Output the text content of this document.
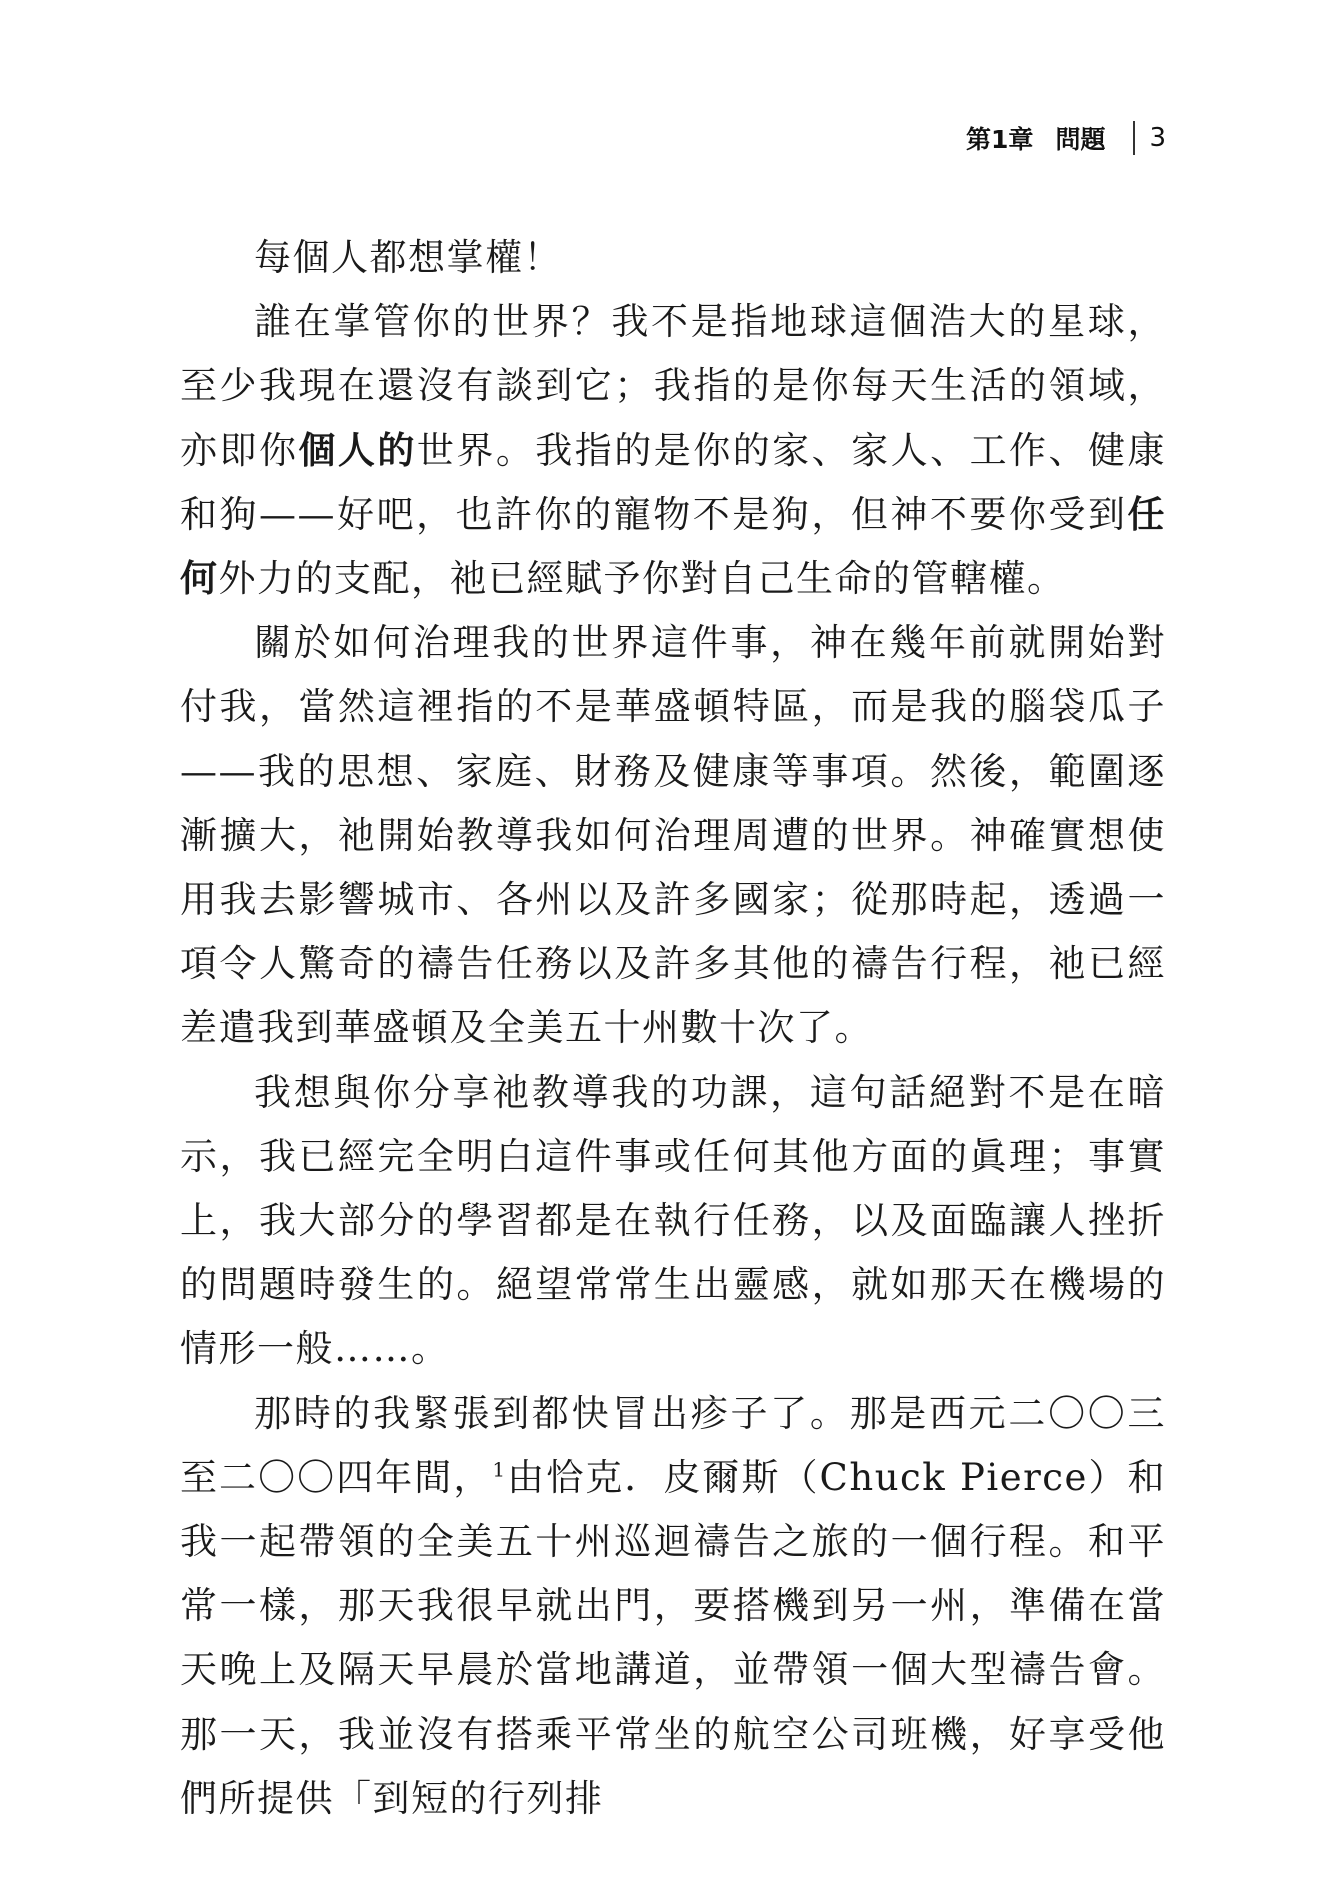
第1章 問題 3

每個人都想掌權！

誰在掌管你的世界？我不是指地球這個浩大的星球，至少我現在還沒有談到它；我指的是你每天生活的領域，亦即你個人的世界。我指的是你的家、家人、工作、健康和狗——好吧，也許你的寵物不是狗，但神不要你受到任何外力的支配，祂已經賦予你對自己生命的管轄權。

關於如何治理我的世界這件事，神在幾年前就開始對付我，當然這裡指的不是華盛頓特區，而是我的腦袋瓜子——我的思想、家庭、財務及健康等事項。然後，範圍逐漸擴大，祂開始教導我如何治理周遭的世界。神確實想使用我去影響城市、各州以及許多國家；從那時起，透過一項令人驚奇的禱告任務以及許多其他的禱告行程，祂已經差遣我到華盛頓及全美五十州數十次了。

我想與你分享祂教導我的功課，這句話絕對不是在暗示，我已經完全明白這件事或任何其他方面的眞理；事實上，我大部分的學習都是在執行任務，以及面臨讓人挫折的問題時發生的。絕望常常生出靈感，就如那天在機場的情形一般……。

那時的我緊張到都快冒出疹子了。那是西元二〇〇三至二〇〇四年間，$^1$由恰克．皮爾斯（Chuck Pierce）和我一起帶領的全美五十州巡迴禱告之旅的一個行程。和平常一樣，那天我很早就出門，要搭機到另一州，準備在當天晚上及隔天早晨於當地講道，並帶領一個大型禱告會。那一天，我並沒有搭乘平常坐的航空公司班機，好享受他們所提供「到短的行列排
